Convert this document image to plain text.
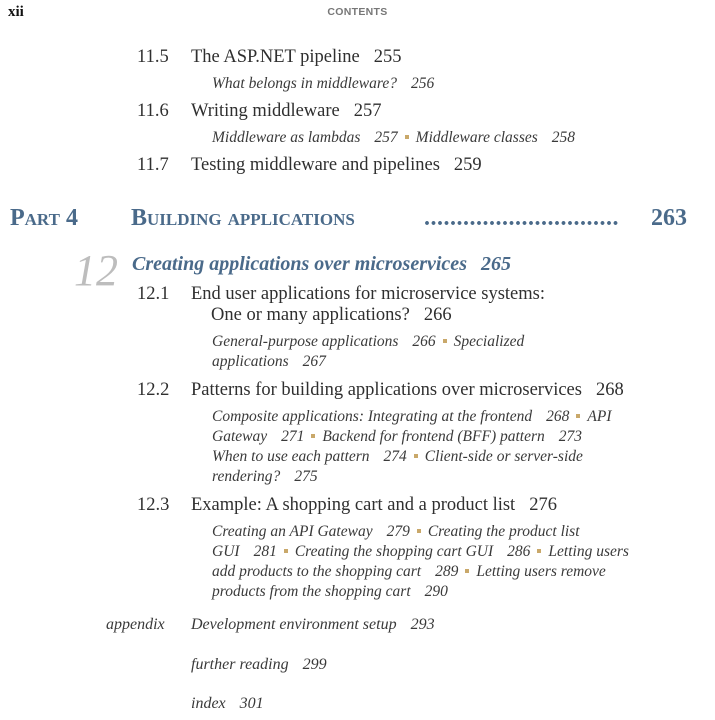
xii	CONTENTS
11.5 The ASP.NET pipeline 255
What belongs in middleware? 256
11.6 Writing middleware 257
Middleware as lambdas 257 Middleware classes 258
11.7 Testing middleware and pipelines 259
Part 4 Building applications	.............................. 263
12 Creating applications over microservices 265
12.1 End user applications for microservice systems:
One or many applications? 266
General-purpose applications 266 Specialized
applications 267
12.2 Patterns for building applications over microservices 268
Composite applications: Integrating at the frontend 268 API
Gateway 271 Backend for frontend (BFF) pattern 273
When to use each pattern 274 Client-side or server-side
rendering? 275
12.3 Example: A shopping cart and a product list 276
Creating an API Gateway 279 Creating the product list
GUI 281 Creating the shopping cart GUI 286 Letting users
add products to the shopping cart 289 Letting users remove
products from the shopping cart 290
appendix Development environment setup 293
further reading 299
index 301
